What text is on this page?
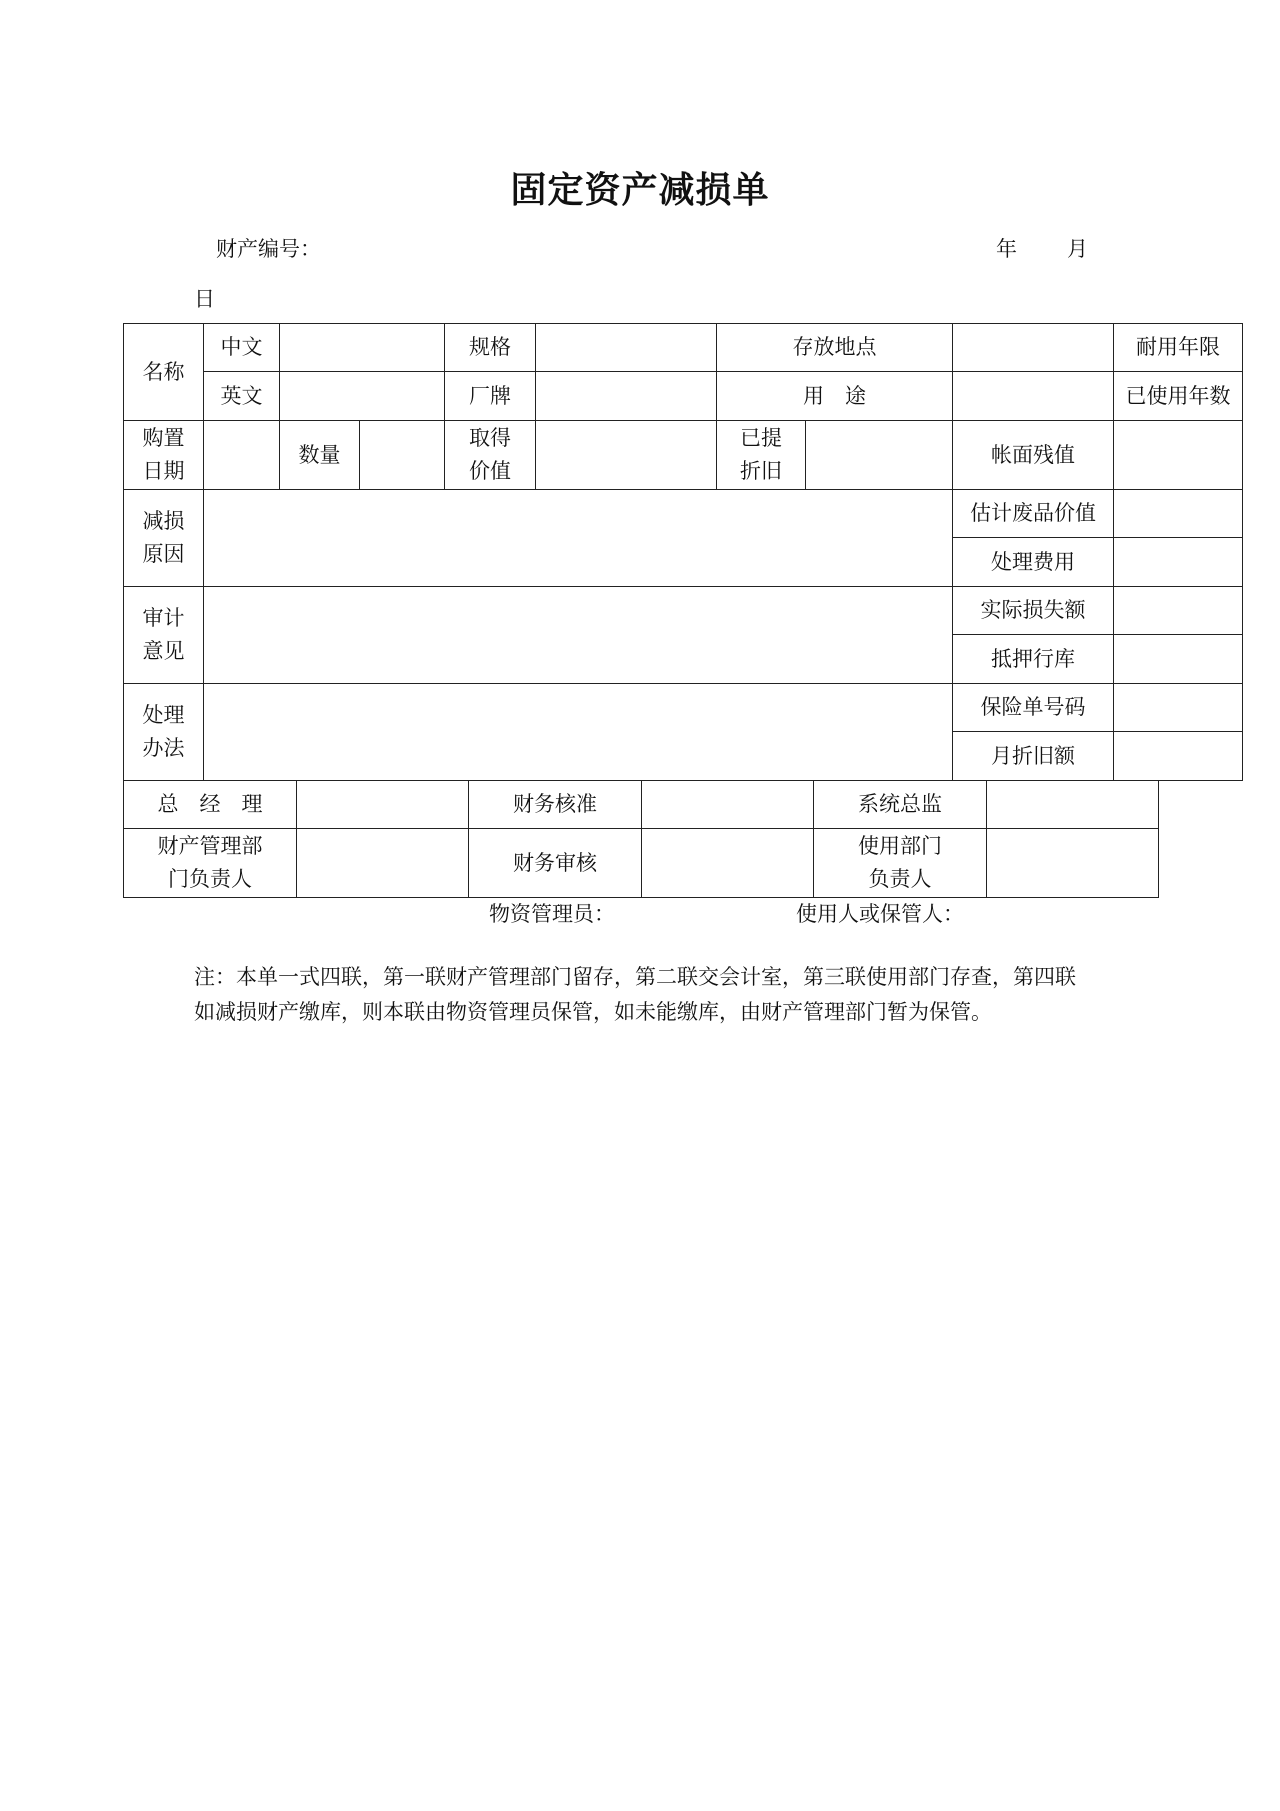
固定资产减损单
财产编号：	年 月
日
名称	中文			规格		存放地点			耐用年限	
	英文			厂牌		用　途			已使用年数	

购置日期		数量		取得价值		已提折旧		帐面残值		

减损原因								估计废品价值		
								处理费用		

审计意见								实际损失额		
								抵押行库		

处理办法								保险单号码		
								月折旧额		
总　经　理		财务核准		系统总监	

财产管理部门负责人		财务审核		使用部门负责人	

物资管理员：	使用人或保管人：
注：本单一式四联，第一联财产管理部门留存，第二联交会计室，第三联使用部门存查，第四联如减损财产缴库，则本联由物资管理员保管，如未能缴库，由财产管理部门暂为保管。
